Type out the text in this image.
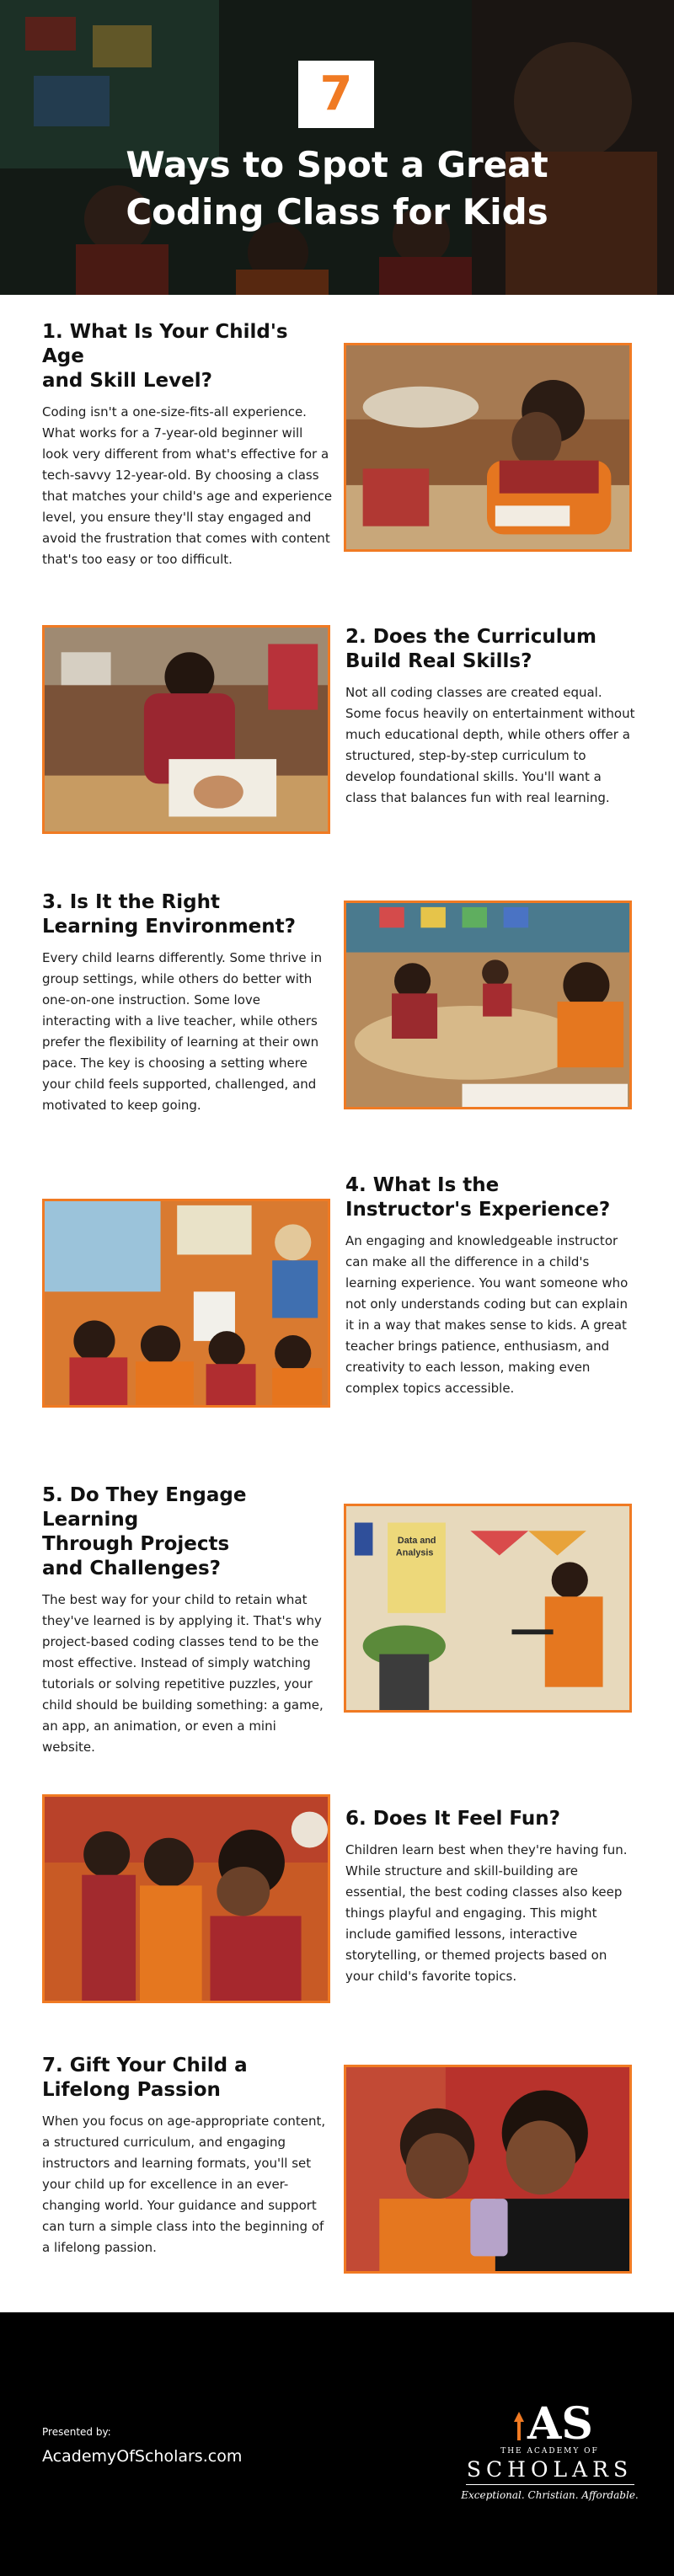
7
Ways to Spot a Great
Coding Class for Kids
1. What Is Your Child's Age
and Skill Level?

Coding isn't a one-size-fits-all experience. What works for a 7-year-old beginner will look very different from what's effective for a tech-savvy 12-year-old. By choosing a class that matches your child's age and experience level, you ensure they'll stay engaged and avoid the frustration that comes with content that's too easy or too difficult.

2. Does the Curriculum
Build Real Skills?

Not all coding classes are created equal. Some focus heavily on entertainment without much educational depth, while others offer a structured, step-by-step curriculum to develop foundational skills. You'll want a class that balances fun with real learning.

3. Is It the Right
Learning Environment?

Every child learns differently. Some thrive in group settings, while others do better with one-on-one instruction. Some love interacting with a live teacher, while others prefer the flexibility of learning at their own pace. The key is choosing a setting where your child feels supported, challenged, and motivated to keep going.

4. What Is the
Instructor's Experience?

An engaging and knowledgeable instructor can make all the difference in a child's learning experience. You want someone who not only understands coding but can explain it in a way that makes sense to kids. A great teacher brings patience, enthusiasm, and creativity to each lesson, making even complex topics accessible.

5. Do They Engage Learning
Through Projects
and Challenges?

The best way for your child to retain what they've learned is by applying it. That's why project-based coding classes tend to be the most effective. Instead of simply watching tutorials or solving repetitive puzzles, your child should be building something: a game, an app, an animation, or even a mini website.

Data and
Analysis
6. Does It Feel Fun?

Children learn best when they're having fun. While structure and skill-building are essential, the best coding classes also keep things playful and engaging. This might include gamified lessons, interactive storytelling, or themed projects based on your child's favorite topics.

7. Gift Your Child a
Lifelong Passion

When you focus on age-appropriate content, a structured curriculum, and engaging instructors and learning formats, you'll set your child up for excellence in an ever-changing world. Your guidance and support can turn a simple class into the beginning of a lifelong passion.

Presented by:
AcademyOfScholars.com
AS
THE ACADEMY OF
SCHOLARS
Exceptional. Christian. Affordable.
